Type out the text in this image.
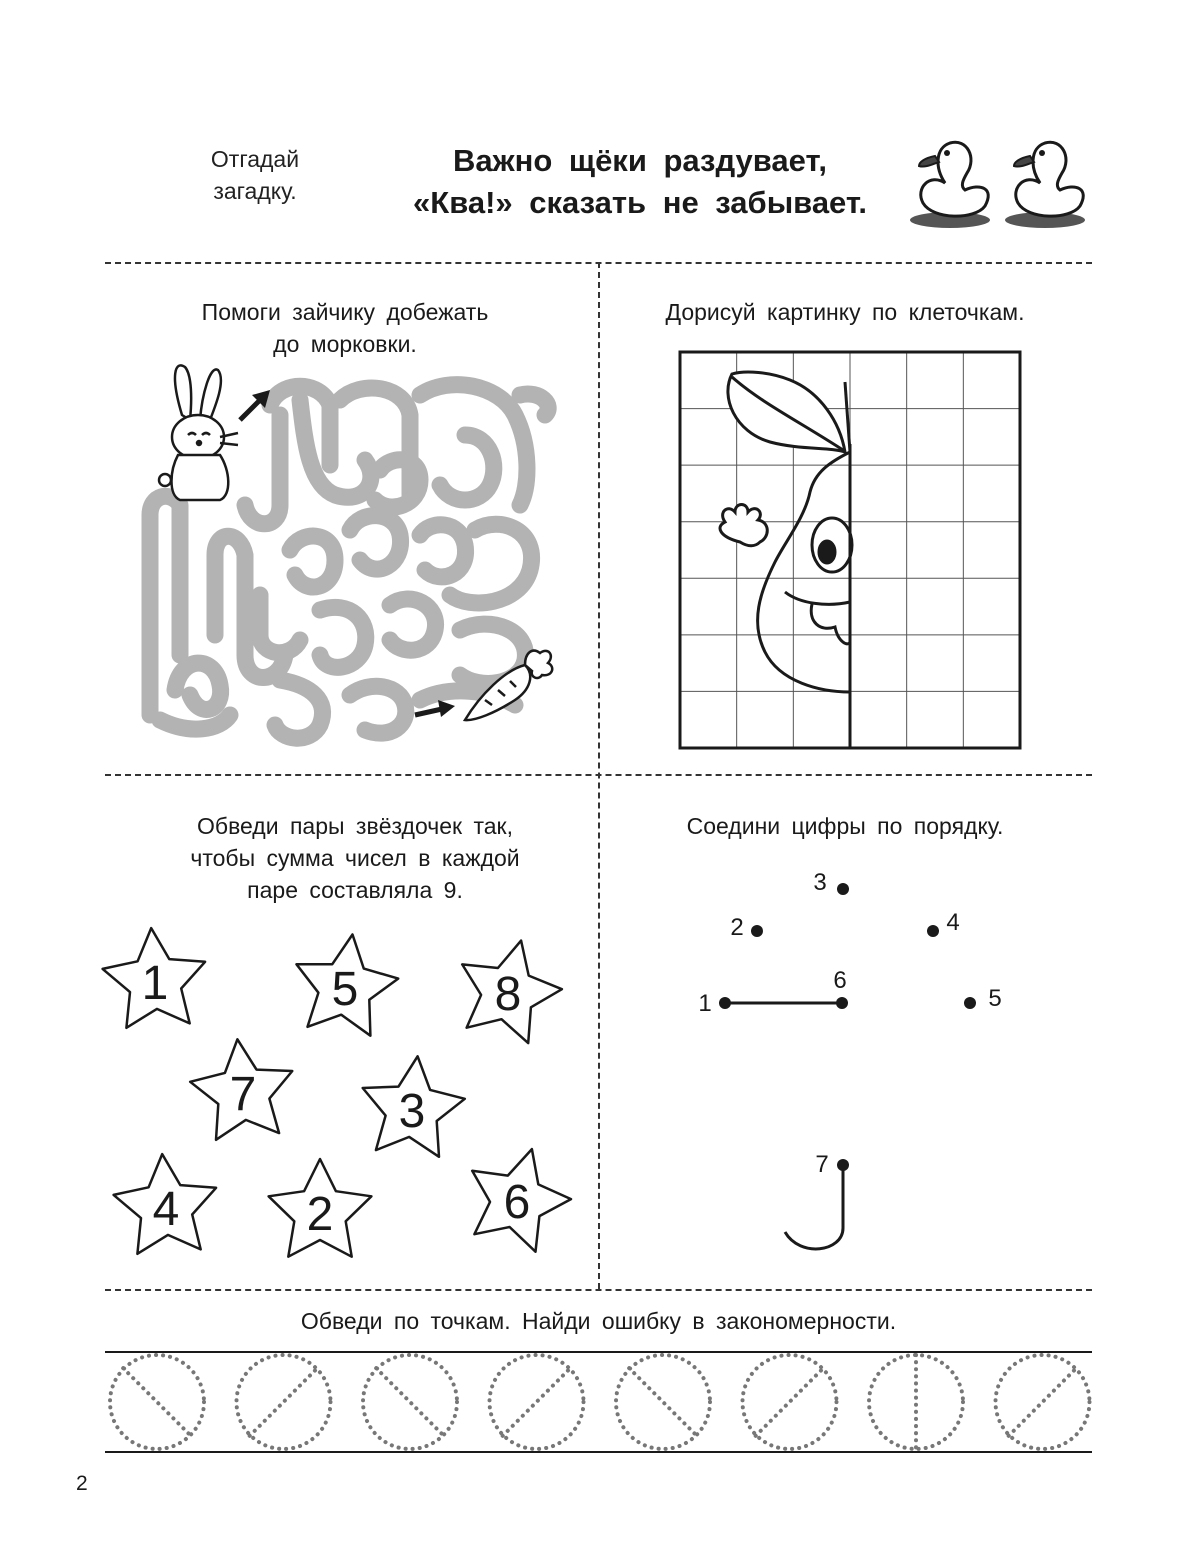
Отгадай
загадку.
Важно щёки раздувает,
«Ква!» сказать не забывает.
Помоги зайчику добежать
до морковки.
Дорисуй картинку по клеточкам.
Обведи пары звёздочек так,
чтобы сумма чисел в каждой
паре составляла 9.
1	5	8
7	3
4	2	6
Соедини цифры по порядку.
1
2
3
4
5
6
7
Обведи по точкам. Найди ошибку в закономерности.
2
